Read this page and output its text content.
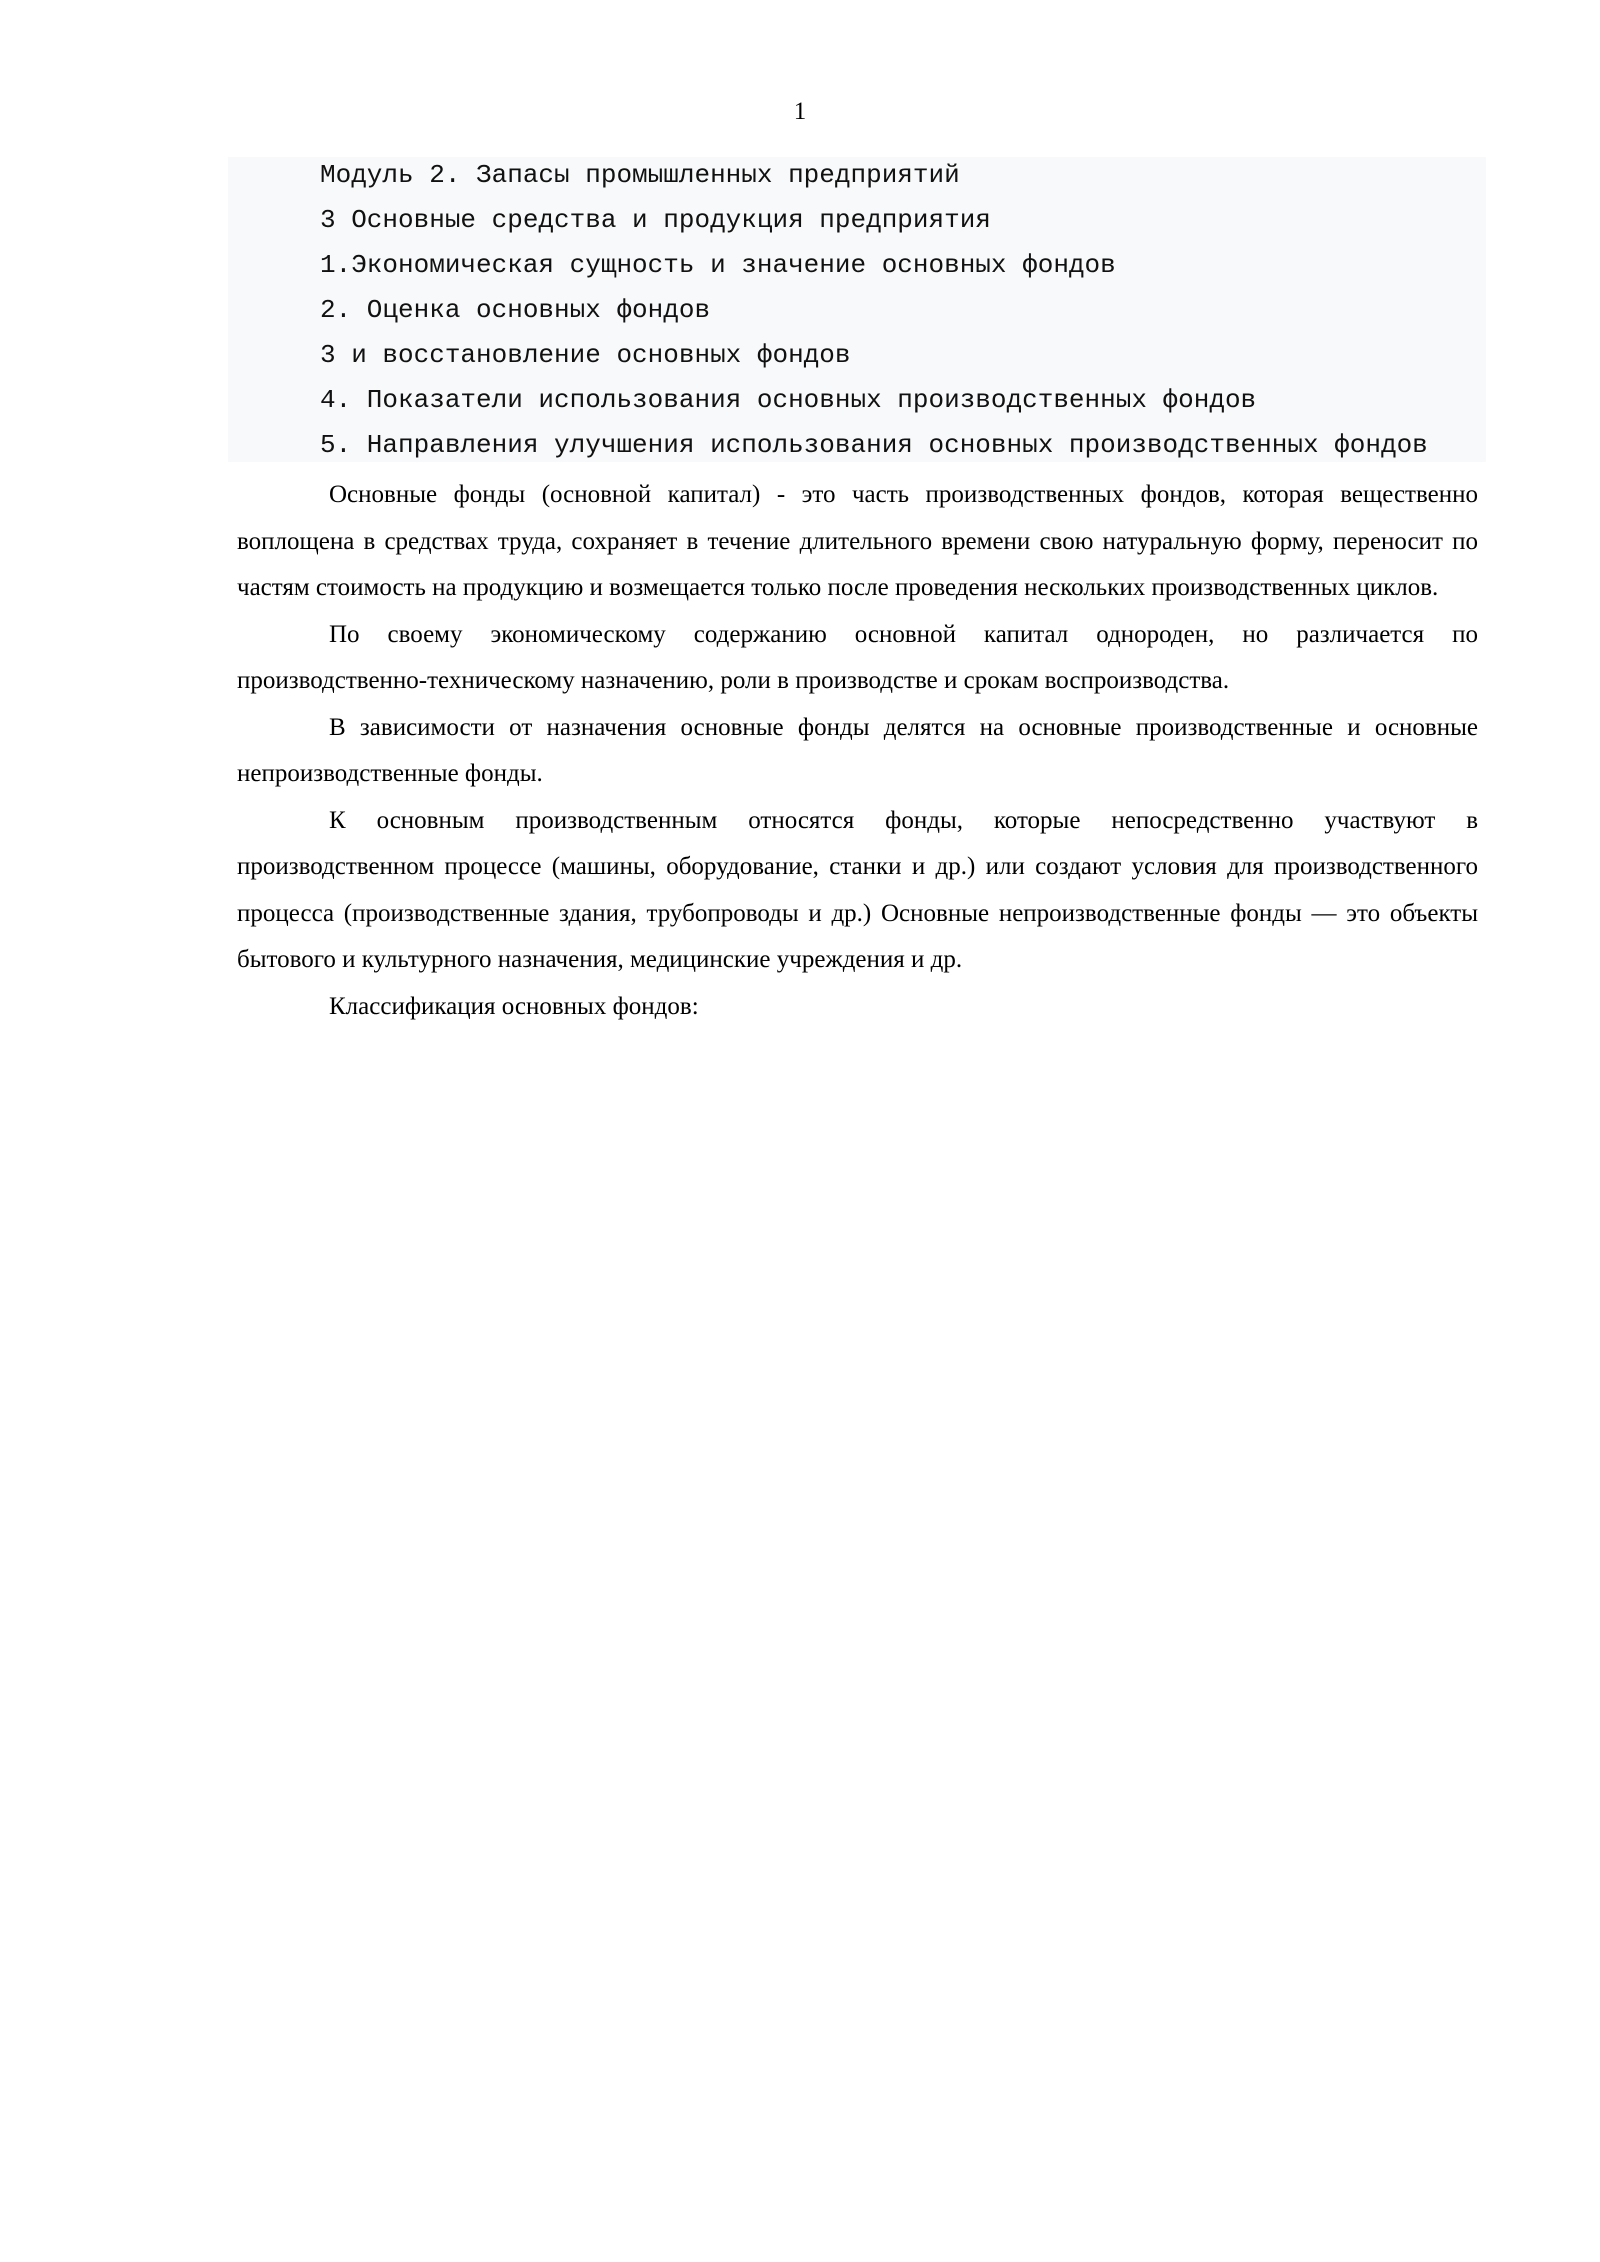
1
Модуль 2. Запасы промышленных предприятий
3 Основные средства и продукция предприятия
1.Экономическая сущность и значение основных фондов
2. Оценка основных фондов
3 и восстановление основных фондов
4. Показатели использования основных производственных фондов
5. Направления улучшения использования основных производственных фондов

Основные фонды (основной капитал) - это часть производственных фондов, которая вещественно воплощена в средствах труда, сохраняет в течение длительного времени свою натуральную форму, переносит по частям стоимость на продукцию и возмещается только после проведения нескольких производственных циклов.

По своему экономическому содержанию основной капитал однороден, но различается по производственно-техническому назначению, роли в производстве и срокам воспроизводства.

В зависимости от назначения основные фонды делятся на основные производственные и основные непроизводственные фонды.

К основным производственным относятся фонды, которые непосредственно участвуют в производственном процессе (машины, оборудование, станки и др.) или создают условия для производственного процесса (производственные здания, трубопроводы и др.) Основные непроизводственные фонды — это объекты бытового и культурного назначения, медицинские учреждения и др.

Классификация основных фондов:
